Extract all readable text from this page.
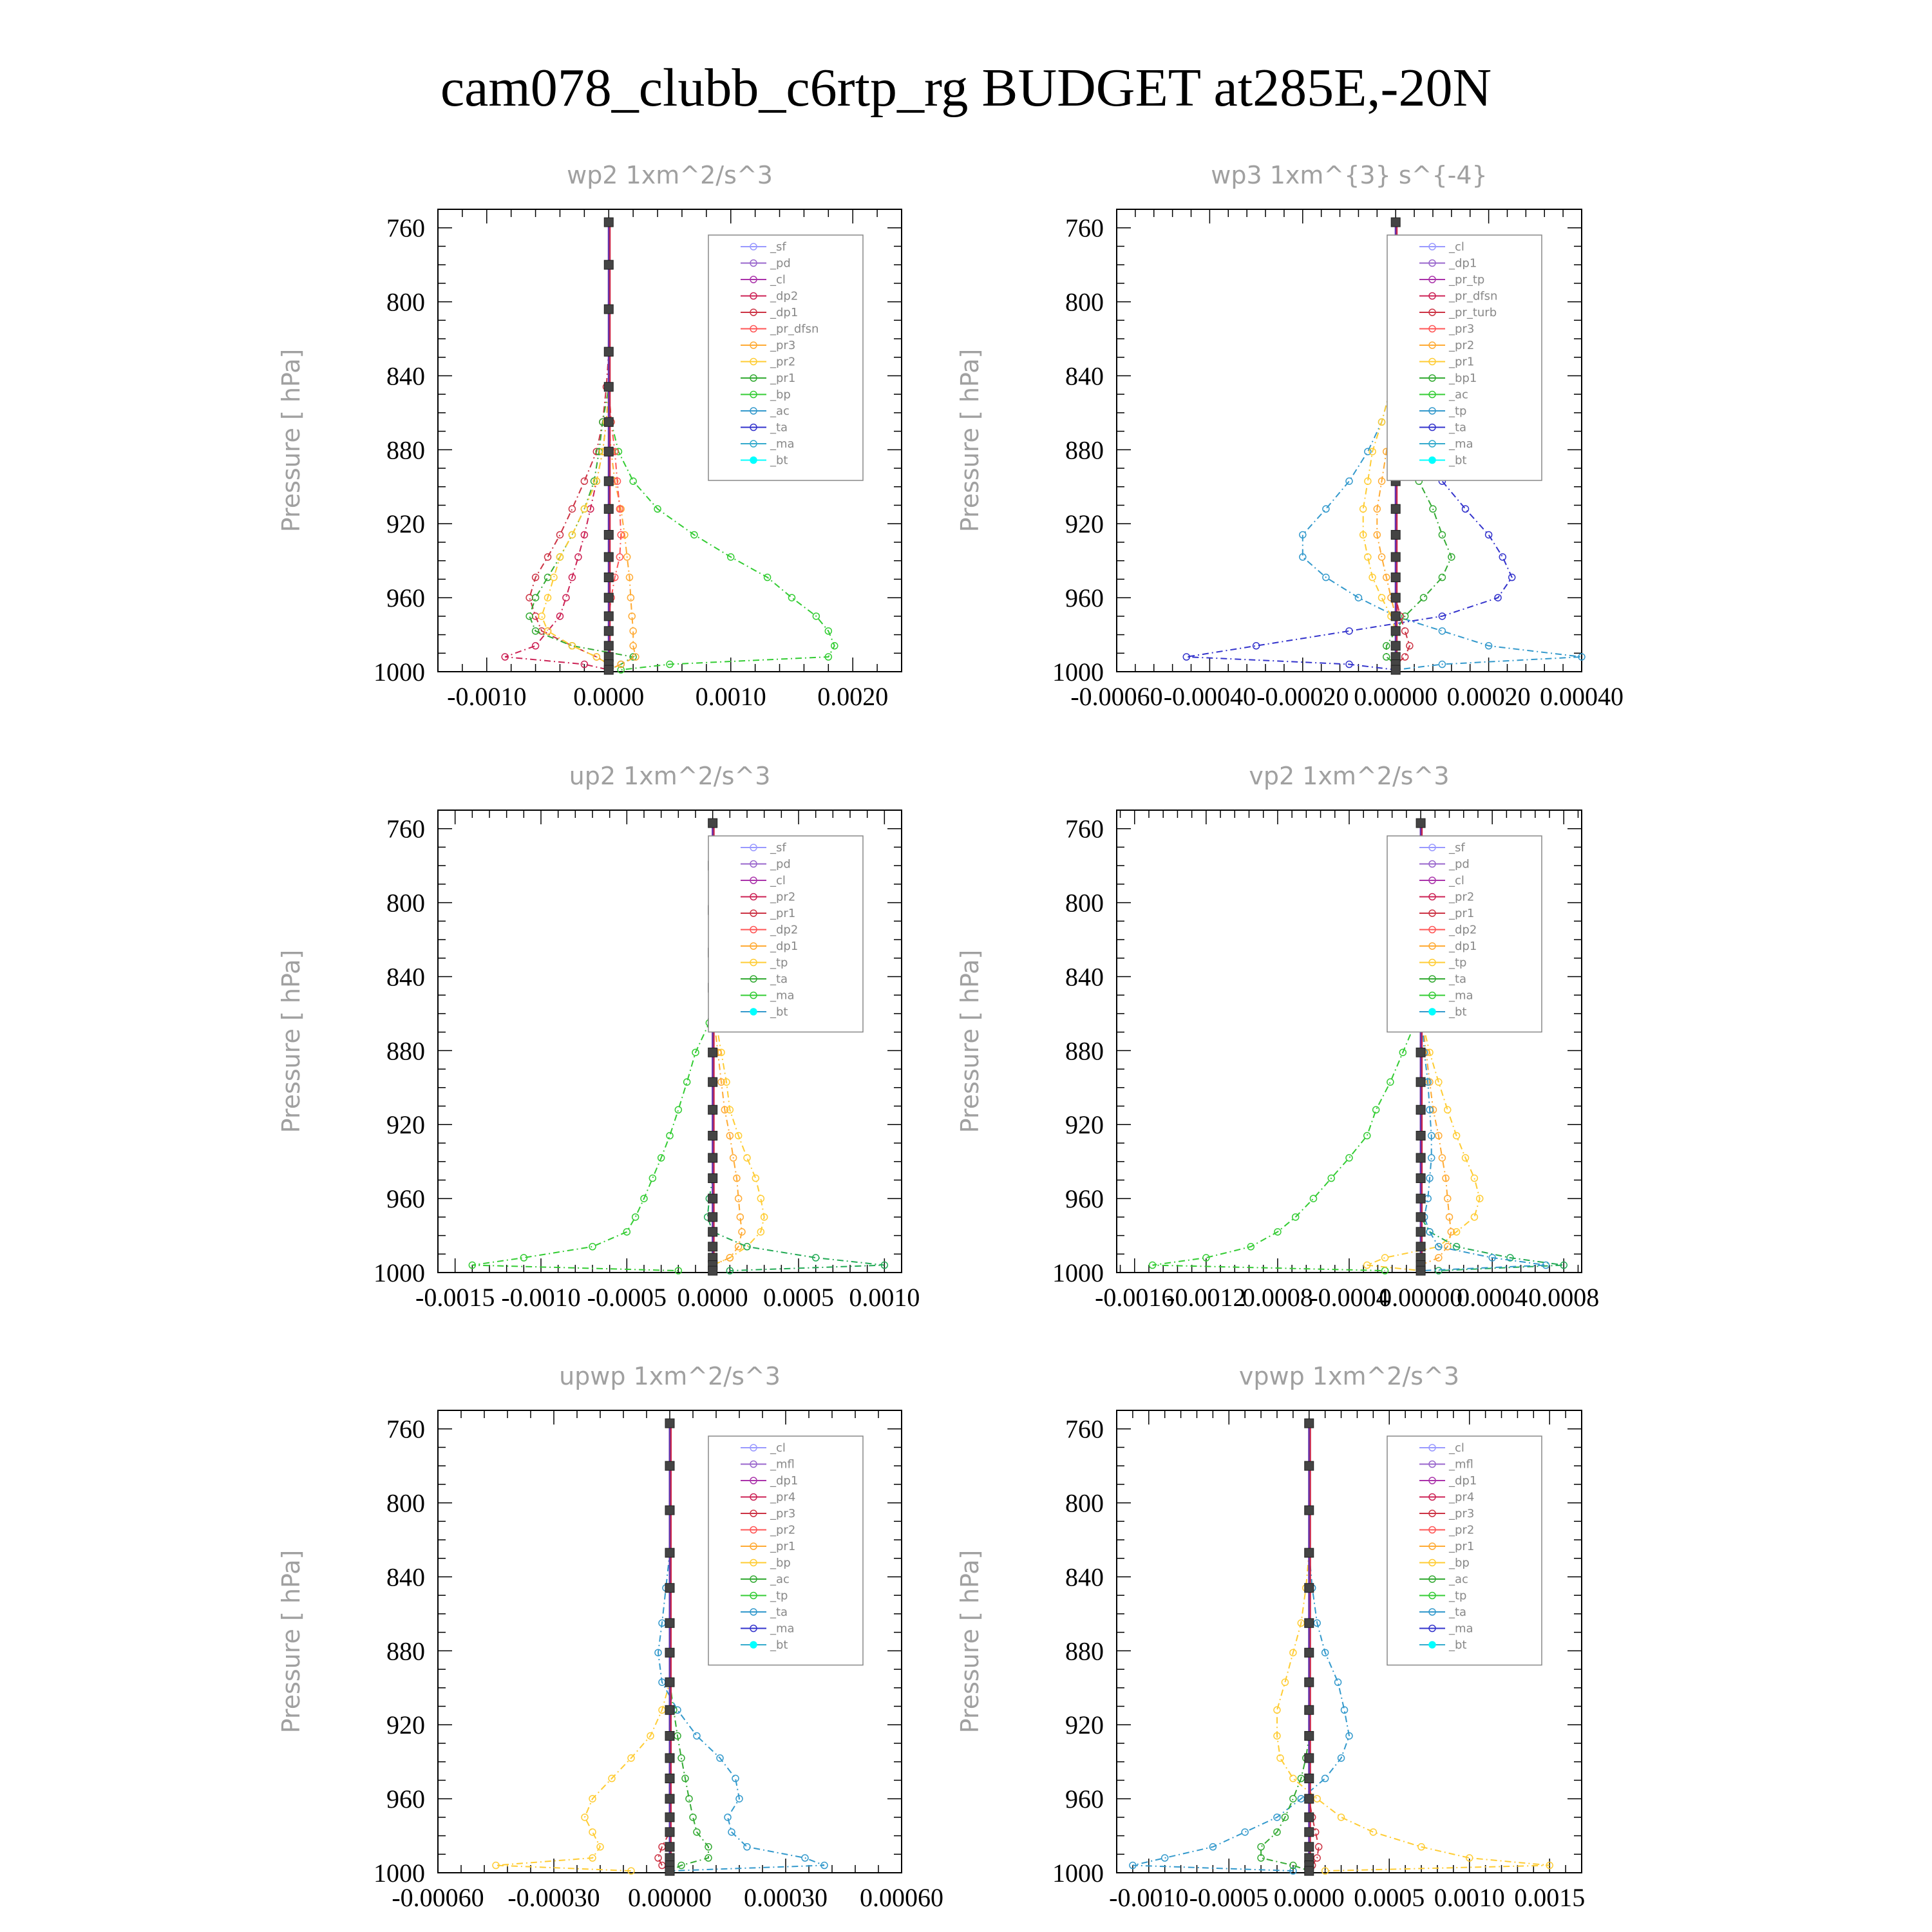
cam078_clubb_c6rtp_rg BUDGET at285E,-20N
wp2 1xm^2/s^3
Pressure [ hPa]
760
800
840
880
920
960
1000
-0.0010 0.0000 0.0010 0.0020
_sf
_pd
_cl
_dp2
_dp1
_pr_dfsn
_pr3
_pr2
_pr1
_bp
_ac
_ta
_ma
_bt
wp3 1xm^{3} s^{-4}
Pressure [ hPa]
760
800
840
880
920
960
1000
-0.00060 -0.00040 -0.00020 0.00000 0.00020 0.00040
_cl
_dp1
_pr_tp
_pr_dfsn
_pr_turb
_pr3
_pr2
_pr1
_bp1
_ac
_tp
_ta
_ma
_bt
up2 1xm^2/s^3
Pressure [ hPa]
760
800
840
880
920
960
1000
-0.0015 -0.0010 -0.0005 0.0000 0.0005 0.0010
_sf
_pd
_cl
_pr2
_pr1
_dp2
_dp1
_tp
_ta
_ma
_bt
vp2 1xm^2/s^3
Pressure [ hPa]
760
800
840
880
920
960
1000
-0.0016
-0.0012
0.0008
-0.0004
0.00000
0.0004 0.0008
_sf
_pd
_cl
_pr2
_pr1
_dp2
_dp1
_tp
_ta
_ma
_bt
upwp 1xm^2/s^3
Pressure [ hPa]
760
800
840
880
920
960
1000
-0.00060 -0.00030 0.00000 0.00030 0.00060
_cl
_mfl
_dp1
_pr4
_pr3
_pr2
_pr1
_bp
_ac
_tp
_ta
_ma
_bt
vpwp 1xm^2/s^3
Pressure [ hPa]
760
800
840
880
920
960
1000
-0.0010 -0.0005 0.0000 0.0005 0.0010 0.0015
_cl
_mfl
_dp1
_pr4
_pr3
_pr2
_pr1
_bp
_ac
_tp
_ta
_ma
_bt
